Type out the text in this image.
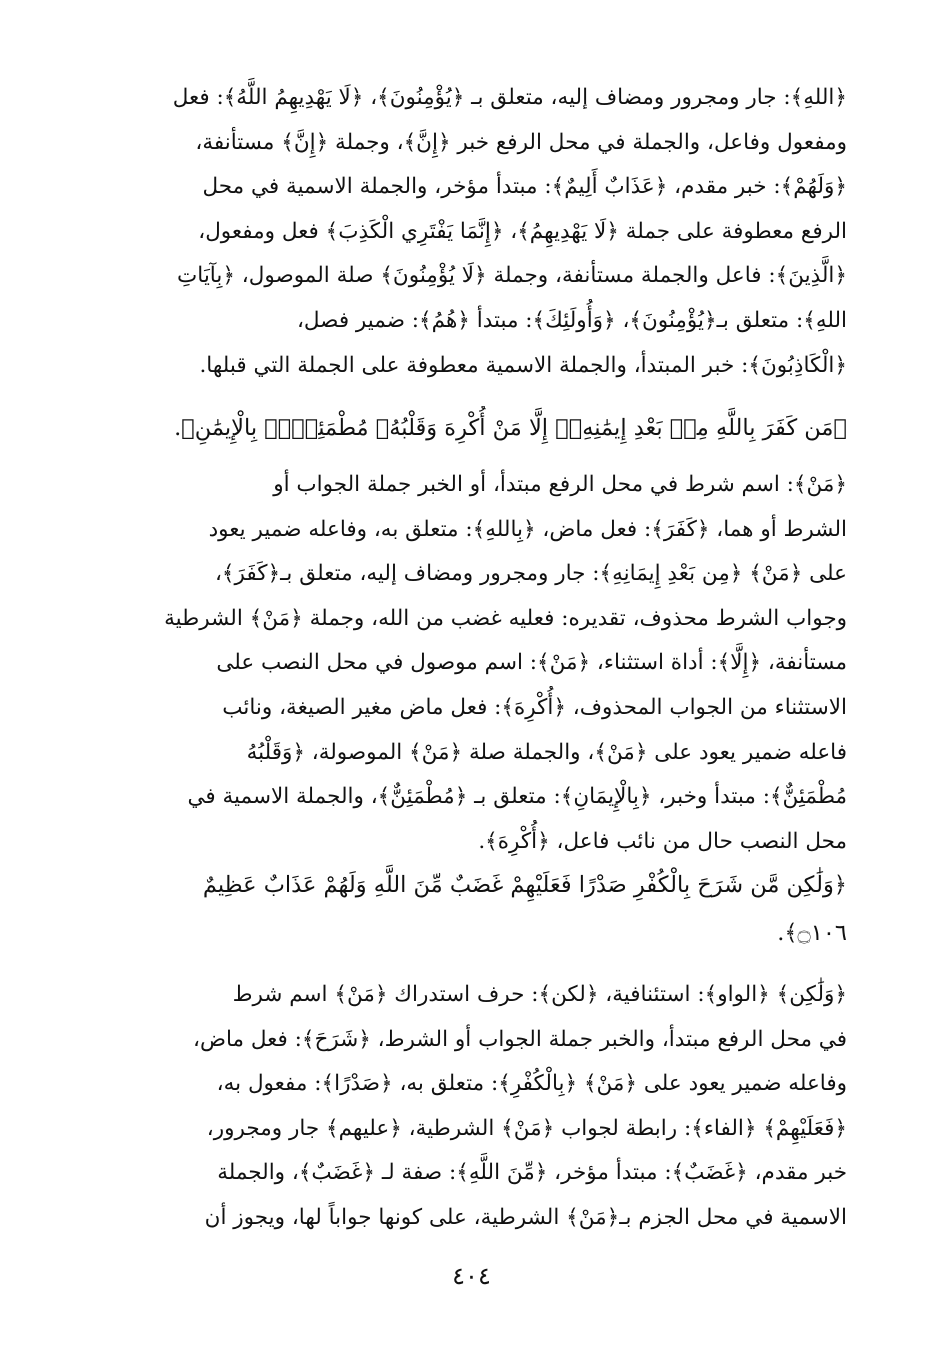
﴿اللهِ﴾: جار ومجرور ومضاف إليه، متعلق بـ ﴿يُؤْمِنُونَ﴾، ﴿لَا يَهْدِيهِمُ اللَّهُ﴾: فعل
ومفعول وفاعل، والجملة في محل الرفع خبر ﴿إِنَّ﴾، وجملة ﴿إِنَّ﴾ مستأنفة،
﴿وَلَهُمْ﴾: خبر مقدم، ﴿عَذَابٌ أَلِيمٌ﴾: مبتدأ مؤخر، والجملة الاسمية في محل
الرفع معطوفة على جملة ﴿لَا يَهْدِيهِمُ﴾، ﴿إِنَّمَا يَفْتَرِي الْكَذِبَ﴾ فعل ومفعول،
﴿الَّذِينَ﴾: فاعل والجملة مستأنفة، وجملة ﴿لَا يُؤْمِنُونَ﴾ صلة الموصول، ﴿بِآيَاتِ
اللهِ﴾: متعلق بـ﴿يُؤْمِنُونَ﴾، ﴿وَأُولَئِكَ﴾: مبتدأ ﴿هُمُ﴾: ضمير فصل،
﴿الْكَاذِبُونَ﴾: خبر المبتدأ، والجملة الاسمية معطوفة على الجملة التي قبلها.
﴿مَن كَفَرَ بِاللَّهِ مِنۢ بَعْدِ إِيمَٰنِهِۦٓ إِلَّا مَنْ أُكْرِهَ وَقَلْبُهُۥ مُطْمَئِنٌّۢ بِالْإِيمَٰنِ﴾.
﴿مَنْ﴾: اسم شرط في محل الرفع مبتدأ، أو الخبر جملة الجواب أو
الشرط أو هما، ﴿كَفَرَ﴾: فعل ماض، ﴿بِاللهِ﴾: متعلق به، وفاعله ضمير يعود
على ﴿مَنْ﴾ ﴿مِن بَعْدِ إِيمَانِهِ﴾: جار ومجرور ومضاف إليه، متعلق بـ﴿كَفَرَ﴾،
وجواب الشرط محذوف، تقديره: فعليه غضب من الله، وجملة ﴿مَنْ﴾ الشرطية
مستأنفة، ﴿إِلَّا﴾: أداة استثناء، ﴿مَنْ﴾: اسم موصول في محل النصب على
الاستثناء من الجواب المحذوف، ﴿أُكْرِهَ﴾: فعل ماض مغير الصيغة، ونائب
فاعله ضمير يعود على ﴿مَنْ﴾، والجملة صلة ﴿مَنْ﴾ الموصولة، ﴿وَقَلْبُهُ
مُطْمَئِنٌّ﴾: مبتدأ وخبر، ﴿بِالْإِيمَانِ﴾: متعلق بـ ﴿مُطْمَئِنٌّ﴾، والجملة الاسمية في
محل النصب حال من نائب فاعل، ﴿أُكْرِهَ﴾.
﴿وَلَٰكِن مَّن شَرَحَ بِالْكُفْرِ صَدْرًا فَعَلَيْهِمْ غَضَبٌ مِّنَ اللَّهِ وَلَهُمْ عَذَابٌ عَظِيمٌ
۝١٠٦﴾.
﴿وَلَٰكِن﴾ ﴿الواو﴾: استئنافية، ﴿لكن﴾: حرف استدراك ﴿مَنْ﴾ اسم شرط
في محل الرفع مبتدأ، والخبر جملة الجواب أو الشرط، ﴿شَرَحَ﴾: فعل ماض،
وفاعله ضمير يعود على ﴿مَنْ﴾ ﴿بِالْكُفْرِ﴾: متعلق به، ﴿صَدْرًا﴾: مفعول به،
﴿فَعَلَيْهِمْ﴾ ﴿الفاء﴾: رابطة لجواب ﴿مَنْ﴾ الشرطية، ﴿عليهم﴾ جار ومجرور،
خبر مقدم، ﴿غَضَبٌ﴾: مبتدأ مؤخر، ﴿مِّنَ اللَّهِ﴾: صفة لـ ﴿غَضَبٌ﴾، والجملة
الاسمية في محل الجزم بـ﴿مَنْ﴾ الشرطية، على كونها جواباً لها، ويجوز أن
٤٠٤
